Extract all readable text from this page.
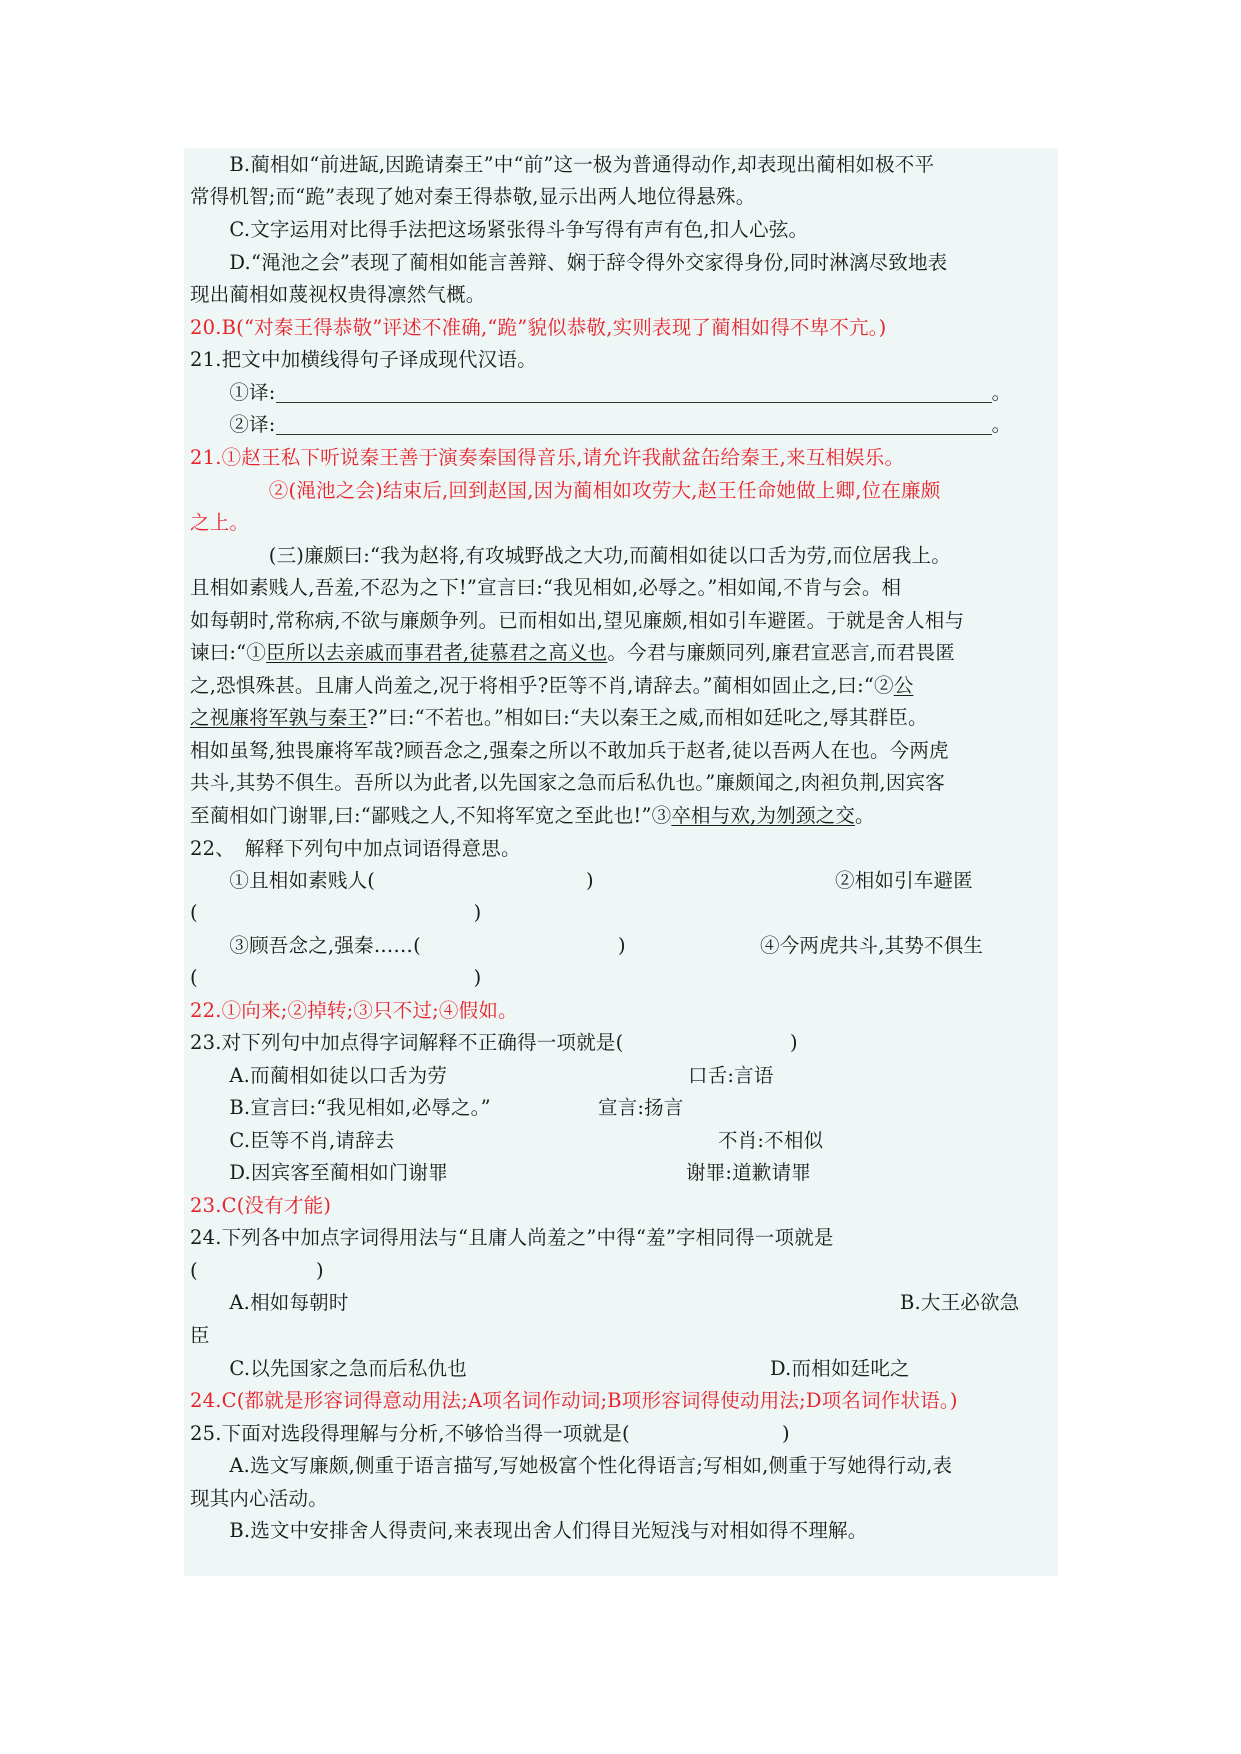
　　B.蔺相如“前进缻,因跪请秦王”中“前”这一极为普通得动作,却表现出蔺相如极不平
常得机智;而“跪”表现了她对秦王得恭敬,显示出两人地位得悬殊。
　　C.文字运用对比得手法把这场紧张得斗争写得有声有色,扣人心弦。
　　D.“渑池之会”表现了蔺相如能言善辩、娴于辞令得外交家得身份,同时淋漓尽致地表
现出蔺相如蔑视权贵得凛然气概。
20.B(“对秦王得恭敬”评述不准确,“跪”貌似恭敬,实则表现了蔺相如得不卑不亢。)
21.把文中加横线得句子译成现代汉语。
　　①译:	。
　　②译:	。
21.①赵王私下听说秦王善于演奏秦国得音乐,请允许我献盆缶给秦王,来互相娱乐。
　　　　②(渑池之会)结束后,回到赵国,因为蔺相如攻劳大,赵王任命她做上卿,位在廉颇
之上。
　　　　(三)廉颇曰:“我为赵将,有攻城野战之大功,而蔺相如徒以口舌为劳,而位居我上。
且相如素贱人,吾羞,不忍为之下!”宣言曰:“我见相如,必辱之。”相如闻,不肯与会。相
如每朝时,常称病,不欲与廉颇争列。已而相如出,望见廉颇,相如引车避匿。于就是舍人相与
谏曰:“①臣所以去亲戚而事君者,徒慕君之高义也。今君与廉颇同列,廉君宣恶言,而君畏匿
之,恐惧殊甚。且庸人尚羞之,况于将相乎?臣等不肖,请辞去。”蔺相如固止之,曰:“②公
之视廉将军孰与秦王?”曰:“不若也。”相如曰:“夫以秦王之威,而相如廷叱之,辱其群臣。
相如虽驽,独畏廉将军哉?顾吾念之,强秦之所以不敢加兵于赵者,徒以吾两人在也。今两虎
共斗,其势不俱生。吾所以为此者,以先国家之急而后私仇也。”廉颇闻之,肉袒负荆,因宾客
至蔺相如门谢罪,曰:“鄙贱之人,不知将军宽之至此也!”③卒相与欢,为刎颈之交。
22、　解释下列句中加点词语得意思。
　　①且相如素贱人(	)	②相如引车避匿
(　　　　　　　　　　　　　　)
　　③顾吾念之,强秦……(	)	④今两虎共斗,其势不俱生
(　　　　　　　　　　　　　　)
22.①向来;②掉转;③只不过;④假如。
23.对下列句中加点得字词解释不正确得一项就是(	)
　　A.而蔺相如徒以口舌为劳	口舌:言语
　　B.宣言曰:“我见相如,必辱之。”	宣言:扬言
　　C.臣等不肖,请辞去	不肖:不相似
　　D.因宾客至蔺相如门谢罪	谢罪:道歉请罪
23.C(没有才能)
24.下列各中加点字词得用法与“且庸人尚羞之”中得“羞”字相同得一项就是
(　　　　　　)
　　A.相如每朝时	B.大王必欲急
臣
　　C.以先国家之急而后私仇也	D.而相如廷叱之
24.C(都就是形容词得意动用法;A项名词作动词;B项形容词得使动用法;D项名词作状语。)
25.下面对选段得理解与分析,不够恰当得一项就是(	)
　　A.选文写廉颇,侧重于语言描写,写她极富个性化得语言;写相如,侧重于写她得行动,表
现其内心活动。
　　B.选文中安排舍人得责问,来表现出舍人们得目光短浅与对相如得不理解。
